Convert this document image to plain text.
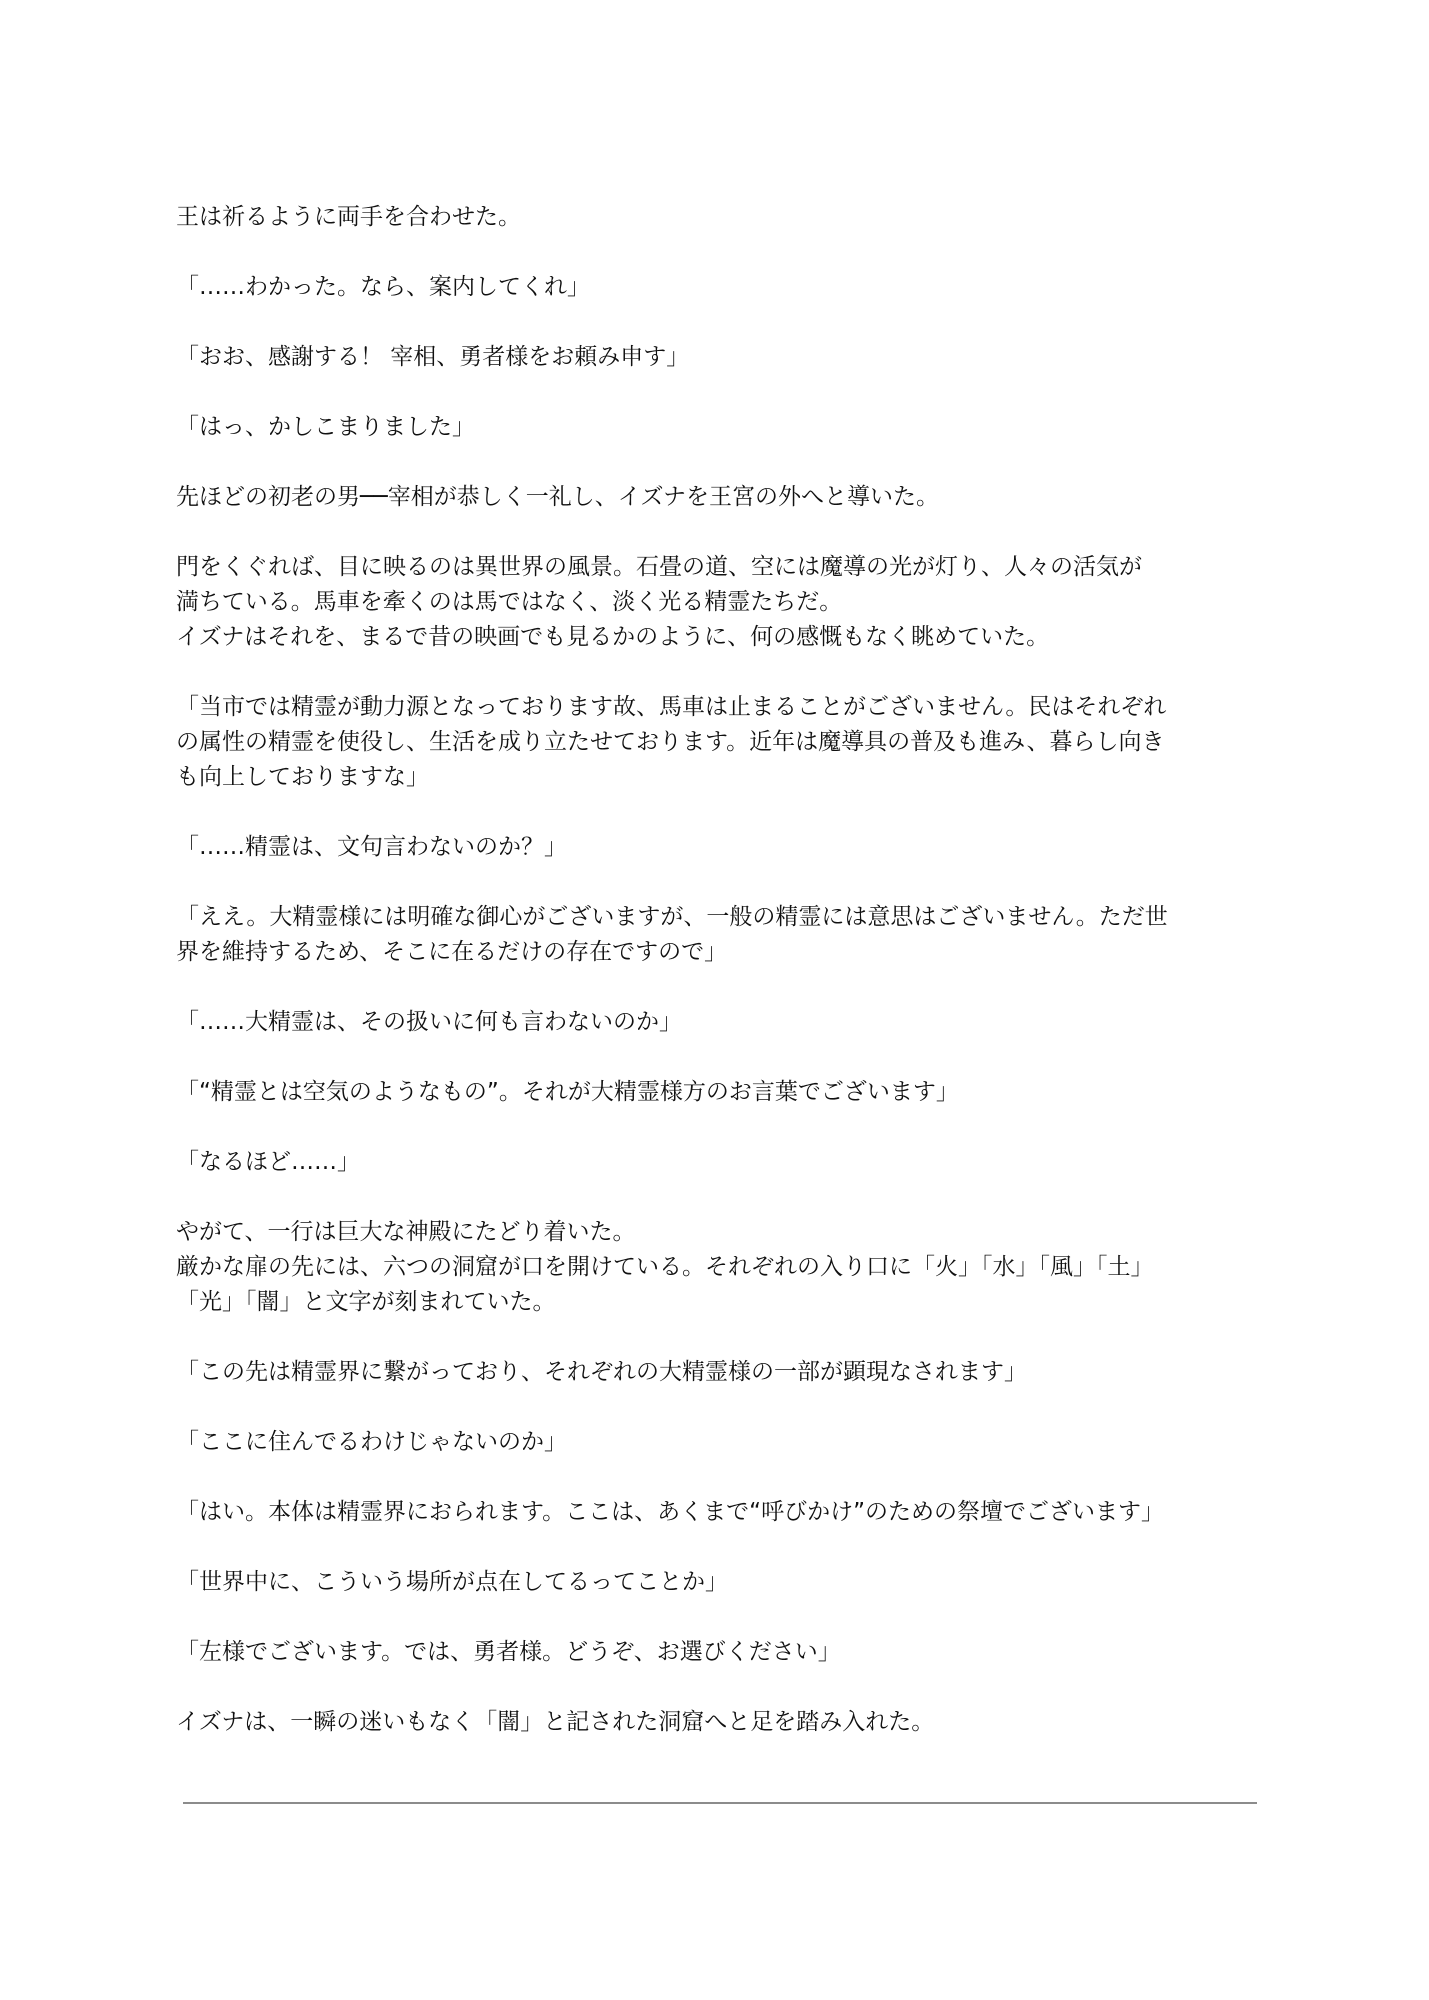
王は祈るように両手を合わせた。

「……わかった。なら、案内してくれ」

「おお、感謝する！ 宰相、勇者様をお頼み申す」

「はっ、かしこまりました」

先ほどの初老の男──宰相が恭しく一礼し、イズナを王宮の外へと導いた。

門をくぐれば、目に映るのは異世界の風景。石畳の道、空には魔導の光が灯り、人々の活気が
満ちている。馬車を牽くのは馬ではなく、淡く光る精霊たちだ。
イズナはそれを、まるで昔の映画でも見るかのように、何の感慨もなく眺めていた。

「当市では精霊が動力源となっております故、馬車は止まることがございません。民はそれぞれ
の属性の精霊を使役し、生活を成り立たせております。近年は魔導具の普及も進み、暮らし向き
も向上しておりますな」

「……精霊は、文句言わないのか？」

「ええ。大精霊様には明確な御心がございますが、一般の精霊には意思はございません。ただ世
界を維持するため、そこに在るだけの存在ですので」

「……大精霊は、その扱いに何も言わないのか」

「“精霊とは空気のようなもの”。それが大精霊様方のお言葉でございます」

「なるほど……」

やがて、一行は巨大な神殿にたどり着いた。
厳かな扉の先には、六つの洞窟が口を開けている。それぞれの入り口に「火」「水」「風」「土」
「光」「闇」と文字が刻まれていた。

「この先は精霊界に繋がっており、それぞれの大精霊様の一部が顕現なされます」

「ここに住んでるわけじゃないのか」

「はい。本体は精霊界におられます。ここは、あくまで“呼びかけ”のための祭壇でございます」

「世界中に、こういう場所が点在してるってことか」

「左様でございます。では、勇者様。どうぞ、お選びください」

イズナは、一瞬の迷いもなく「闇」と記された洞窟へと足を踏み入れた。
